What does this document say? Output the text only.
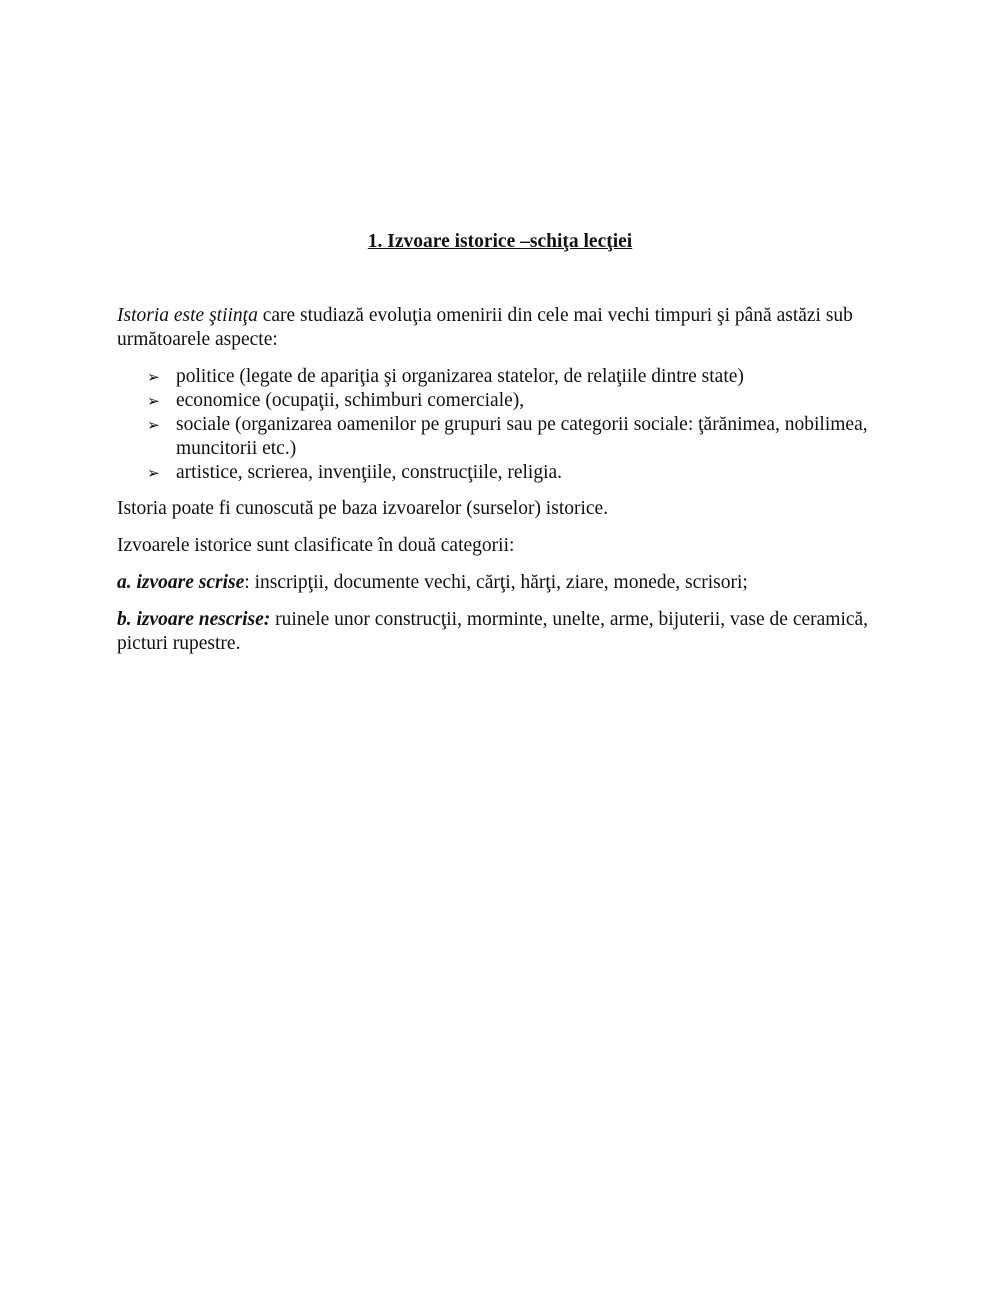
1. Izvoare istorice –schiţa lecţiei

Istoria este ştiinţa care studiază evoluţia omenirii din cele mai vechi timpuri şi până astăzi sub următoarele aspecte:

➢ politice (legate de apariţia şi organizarea statelor, de relaţiile dintre state)
➢ economice (ocupaţii, schimburi comerciale),
➢ sociale (organizarea oamenilor pe grupuri sau pe categorii sociale: ţărănimea, nobilimea, muncitorii etc.)
➢ artistice, scrierea, invenţiile, construcţiile, religia.

Istoria poate fi cunoscută pe baza izvoarelor (surselor) istorice.

Izvoarele istorice sunt clasificate în două categorii:

a. izvoare scrise: inscripţii, documente vechi, cărţi, hărţi, ziare, monede, scrisori;

b. izvoare nescrise: ruinele unor construcţii, morminte, unelte, arme, bijuterii, vase de ceramică, picturi rupestre.
